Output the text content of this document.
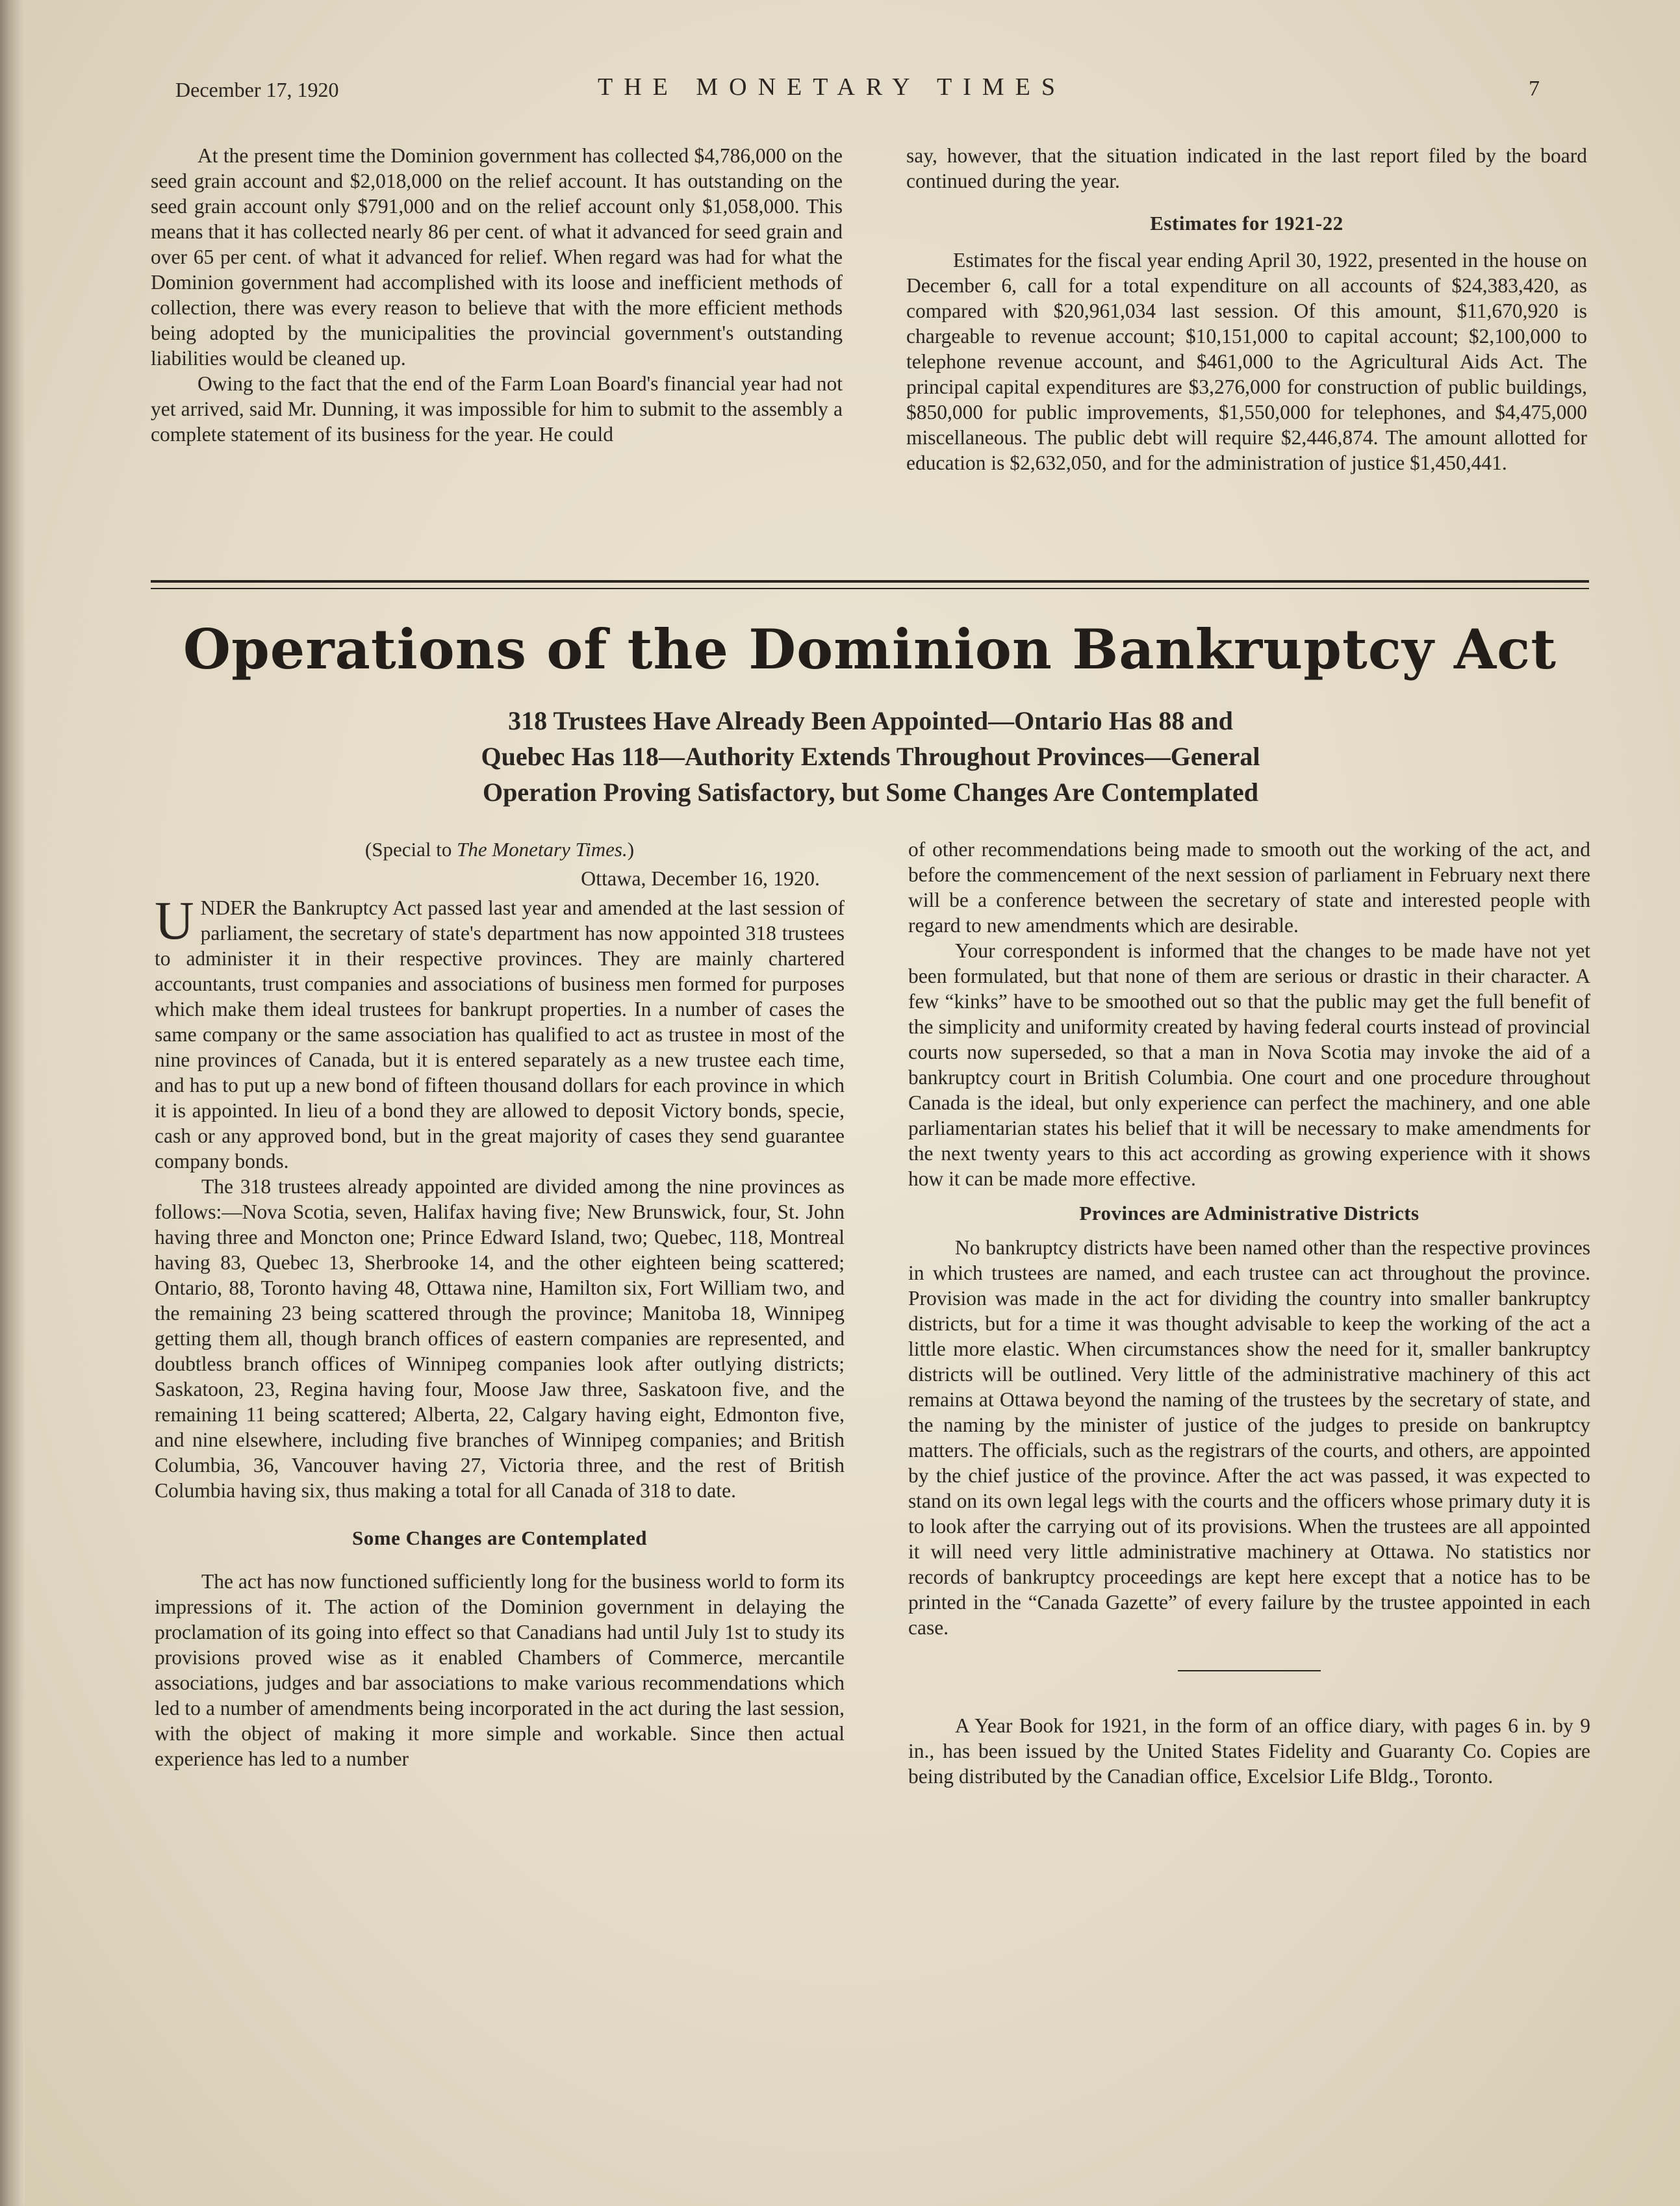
December 17, 1920	THE MONETARY TIMES	7

At the present time the Dominion government has collected $4,786,000 on the seed grain account and $2,018,000 on the relief account. It has outstanding on the seed grain account only $791,000 and on the relief account only $1,058,000. This means that it has collected nearly 86 per cent. of what it advanced for seed grain and over 65 per cent. of what it advanced for relief. When regard was had for what the Dominion government had accomplished with its loose and inefficient methods of collection, there was every reason to believe that with the more efficient methods being adopted by the municipalities the provincial government's outstanding liabilities would be cleaned up.

Owing to the fact that the end of the Farm Loan Board's financial year had not yet arrived, said Mr. Dunning, it was impossible for him to submit to the assembly a complete statement of its business for the year. He could

say, however, that the situation indicated in the last report filed by the board continued during the year.

Estimates for 1921-22

Estimates for the fiscal year ending April 30, 1922, presented in the house on December 6, call for a total expenditure on all accounts of $24,383,420, as compared with $20,961,034 last session. Of this amount, $11,670,920 is chargeable to revenue account; $10,151,000 to capital account; $2,100,000 to telephone revenue account, and $461,000 to the Agricultural Aids Act. The principal capital expenditures are $3,276,000 for construction of public buildings, $850,000 for public improvements, $1,550,000 for telephones, and $4,475,000 miscellaneous. The public debt will require $2,446,874. The amount allotted for education is $2,632,050, and for the administration of justice $1,450,441.

Operations of the Dominion Bankruptcy Act
318 Trustees Have Already Been Appointed—Ontario Has 88 and
Quebec Has 118—Authority Extends Throughout Provinces—General
Operation Proving Satisfactory, but Some Changes Are Contemplated
(Special to The Monetary Times.)
Ottawa, December 16, 1920.

UNDER the Bankruptcy Act passed last year and amended at the last session of parliament, the secretary of state's department has now appointed 318 trustees to administer it in their respective provinces. They are mainly chartered accountants, trust companies and associations of business men formed for purposes which make them ideal trustees for bankrupt properties. In a number of cases the same company or the same association has qualified to act as trustee in most of the nine provinces of Canada, but it is entered separately as a new trustee each time, and has to put up a new bond of fifteen thousand dollars for each province in which it is appointed. In lieu of a bond they are allowed to deposit Victory bonds, specie, cash or any approved bond, but in the great majority of cases they send guarantee company bonds.

The 318 trustees already appointed are divided among the nine provinces as follows:—Nova Scotia, seven, Halifax having five; New Brunswick, four, St. John having three and Moncton one; Prince Edward Island, two; Quebec, 118, Montreal having 83, Quebec 13, Sherbrooke 14, and the other eighteen being scattered; Ontario, 88, Toronto having 48, Ottawa nine, Hamilton six, Fort William two, and the remaining 23 being scattered through the province; Manitoba 18, Winnipeg getting them all, though branch offices of eastern companies are represented, and doubtless branch offices of Winnipeg companies look after outlying districts; Saskatoon, 23, Regina having four, Moose Jaw three, Saskatoon five, and the remaining 11 being scattered; Alberta, 22, Calgary having eight, Edmonton five, and nine elsewhere, including five branches of Winnipeg companies; and British Columbia, 36, Vancouver having 27, Victoria three, and the rest of British Columbia having six, thus making a total for all Canada of 318 to date.

Some Changes are Contemplated

The act has now functioned sufficiently long for the business world to form its impressions of it. The action of the Dominion government in delaying the proclamation of its going into effect so that Canadians had until July 1st to study its provisions proved wise as it enabled Chambers of Commerce, mercantile associations, judges and bar associations to make various recommendations which led to a number of amendments being incorporated in the act during the last session, with the object of making it more simple and workable. Since then actual experience has led to a number

of other recommendations being made to smooth out the working of the act, and before the commencement of the next session of parliament in February next there will be a conference between the secretary of state and interested people with regard to new amendments which are desirable.

Your correspondent is informed that the changes to be made have not yet been formulated, but that none of them are serious or drastic in their character. A few “kinks” have to be smoothed out so that the public may get the full benefit of the simplicity and uniformity created by having federal courts instead of provincial courts now superseded, so that a man in Nova Scotia may invoke the aid of a bankruptcy court in British Columbia. One court and one procedure throughout Canada is the ideal, but only experience can perfect the machinery, and one able parliamentarian states his belief that it will be necessary to make amendments for the next twenty years to this act according as growing experience with it shows how it can be made more effective.

Provinces are Administrative Districts

No bankruptcy districts have been named other than the respective provinces in which trustees are named, and each trustee can act throughout the province. Provision was made in the act for dividing the country into smaller bankruptcy districts, but for a time it was thought advisable to keep the working of the act a little more elastic. When circumstances show the need for it, smaller bankruptcy districts will be outlined. Very little of the administrative machinery of this act remains at Ottawa beyond the naming of the trustees by the secretary of state, and the naming by the minister of justice of the judges to preside on bankruptcy matters. The officials, such as the registrars of the courts, and others, are appointed by the chief justice of the province. After the act was passed, it was expected to stand on its own legal legs with the courts and the officers whose primary duty it is to look after the carrying out of its provisions. When the trustees are all appointed it will need very little administrative machinery at Ottawa. No statistics nor records of bankruptcy proceedings are kept here except that a notice has to be printed in the “Canada Gazette” of every failure by the trustee appointed in each case.

A Year Book for 1921, in the form of an office diary, with pages 6 in. by 9 in., has been issued by the United States Fidelity and Guaranty Co. Copies are being distributed by the Canadian office, Excelsior Life Bldg., Toronto.
